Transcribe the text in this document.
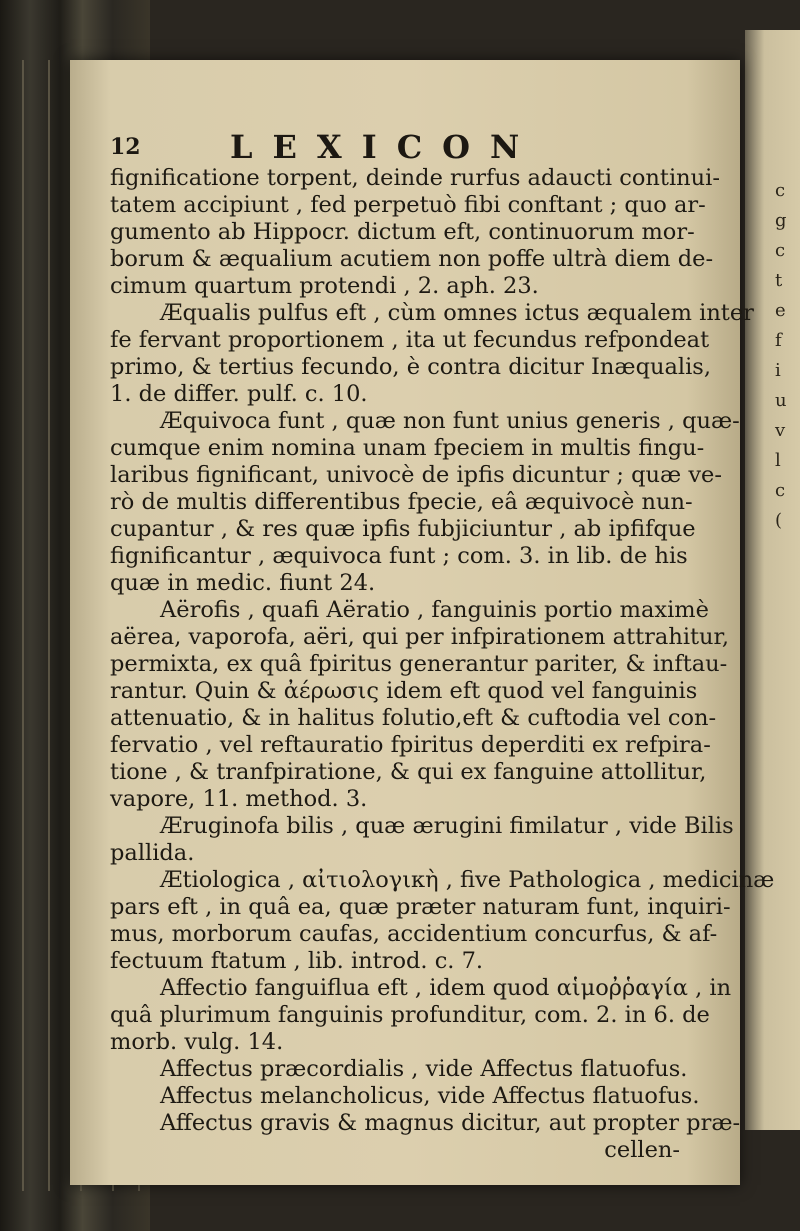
c
g
c
t
e
f
i
u
v
l
c
(
12	LEXICON
fignificatione torpent, deinde rurfus adaucti continui-
tatem accipiunt , fed perpetuò fibi conftant ; quo ar-
gumento ab Hippocr. dictum eft, continuorum mor-
borum & æqualium acutiem non poffe ultrà diem de-
cimum quartum protendi , 2. aph. 23.
Æqualis pulfus eft , cùm omnes ictus æqualem inter
fe fervant proportionem , ita ut fecundus refpondeat
primo, & tertius fecundo, è contra dicitur Inæqualis,
1. de differ. pulf. c. 10.
Æquivoca funt , quæ non funt unius generis , quæ-
cumque enim nomina unam fpeciem in multis fingu-
laribus fignificant, univocè de ipfis dicuntur ; quæ ve-
rò de multis differentibus fpecie, eâ æquivocè nun-
cupantur , & res quæ ipfis fubjiciuntur , ab ipfifque
fignificantur , æquivoca funt ; com. 3. in lib. de his
quæ in medic. fiunt 24.
Aërofis , quafi Aëratio , fanguinis portio maximè
aërea, vaporofa, aëri, qui per infpirationem attrahitur,
permixta, ex quâ fpiritus generantur pariter, & inftau-
rantur. Quin & ἀέρωσις idem eft quod vel fanguinis
attenuatio, & in halitus folutio,eft & cuftodia vel con-
fervatio , vel reftauratio fpiritus deperditi ex refpira-
tione , & tranfpiratione, & qui ex fanguine attollitur,
vapore, 11. method. 3.
Æruginofa bilis , quæ ærugini fimilatur , vide Bilis
pallida.
Ætiologica , αἰτιολογικὴ , five Pathologica , medicinæ
pars eft , in quâ ea, quæ præter naturam funt, inquiri-
mus, morborum caufas, accidentium concurfus, & af-
fectuum ftatum , lib. introd. c. 7.
Affectio fanguiflua eft , idem quod αἱμοῤῥαγία , in
quâ plurimum fanguinis profunditur, com. 2. in 6. de
morb. vulg. 14.
Affectus præcordialis , vide Affectus flatuofus.
Affectus melancholicus, vide Affectus flatuofus.
Affectus gravis & magnus dicitur, aut propter præ-
cellen-
